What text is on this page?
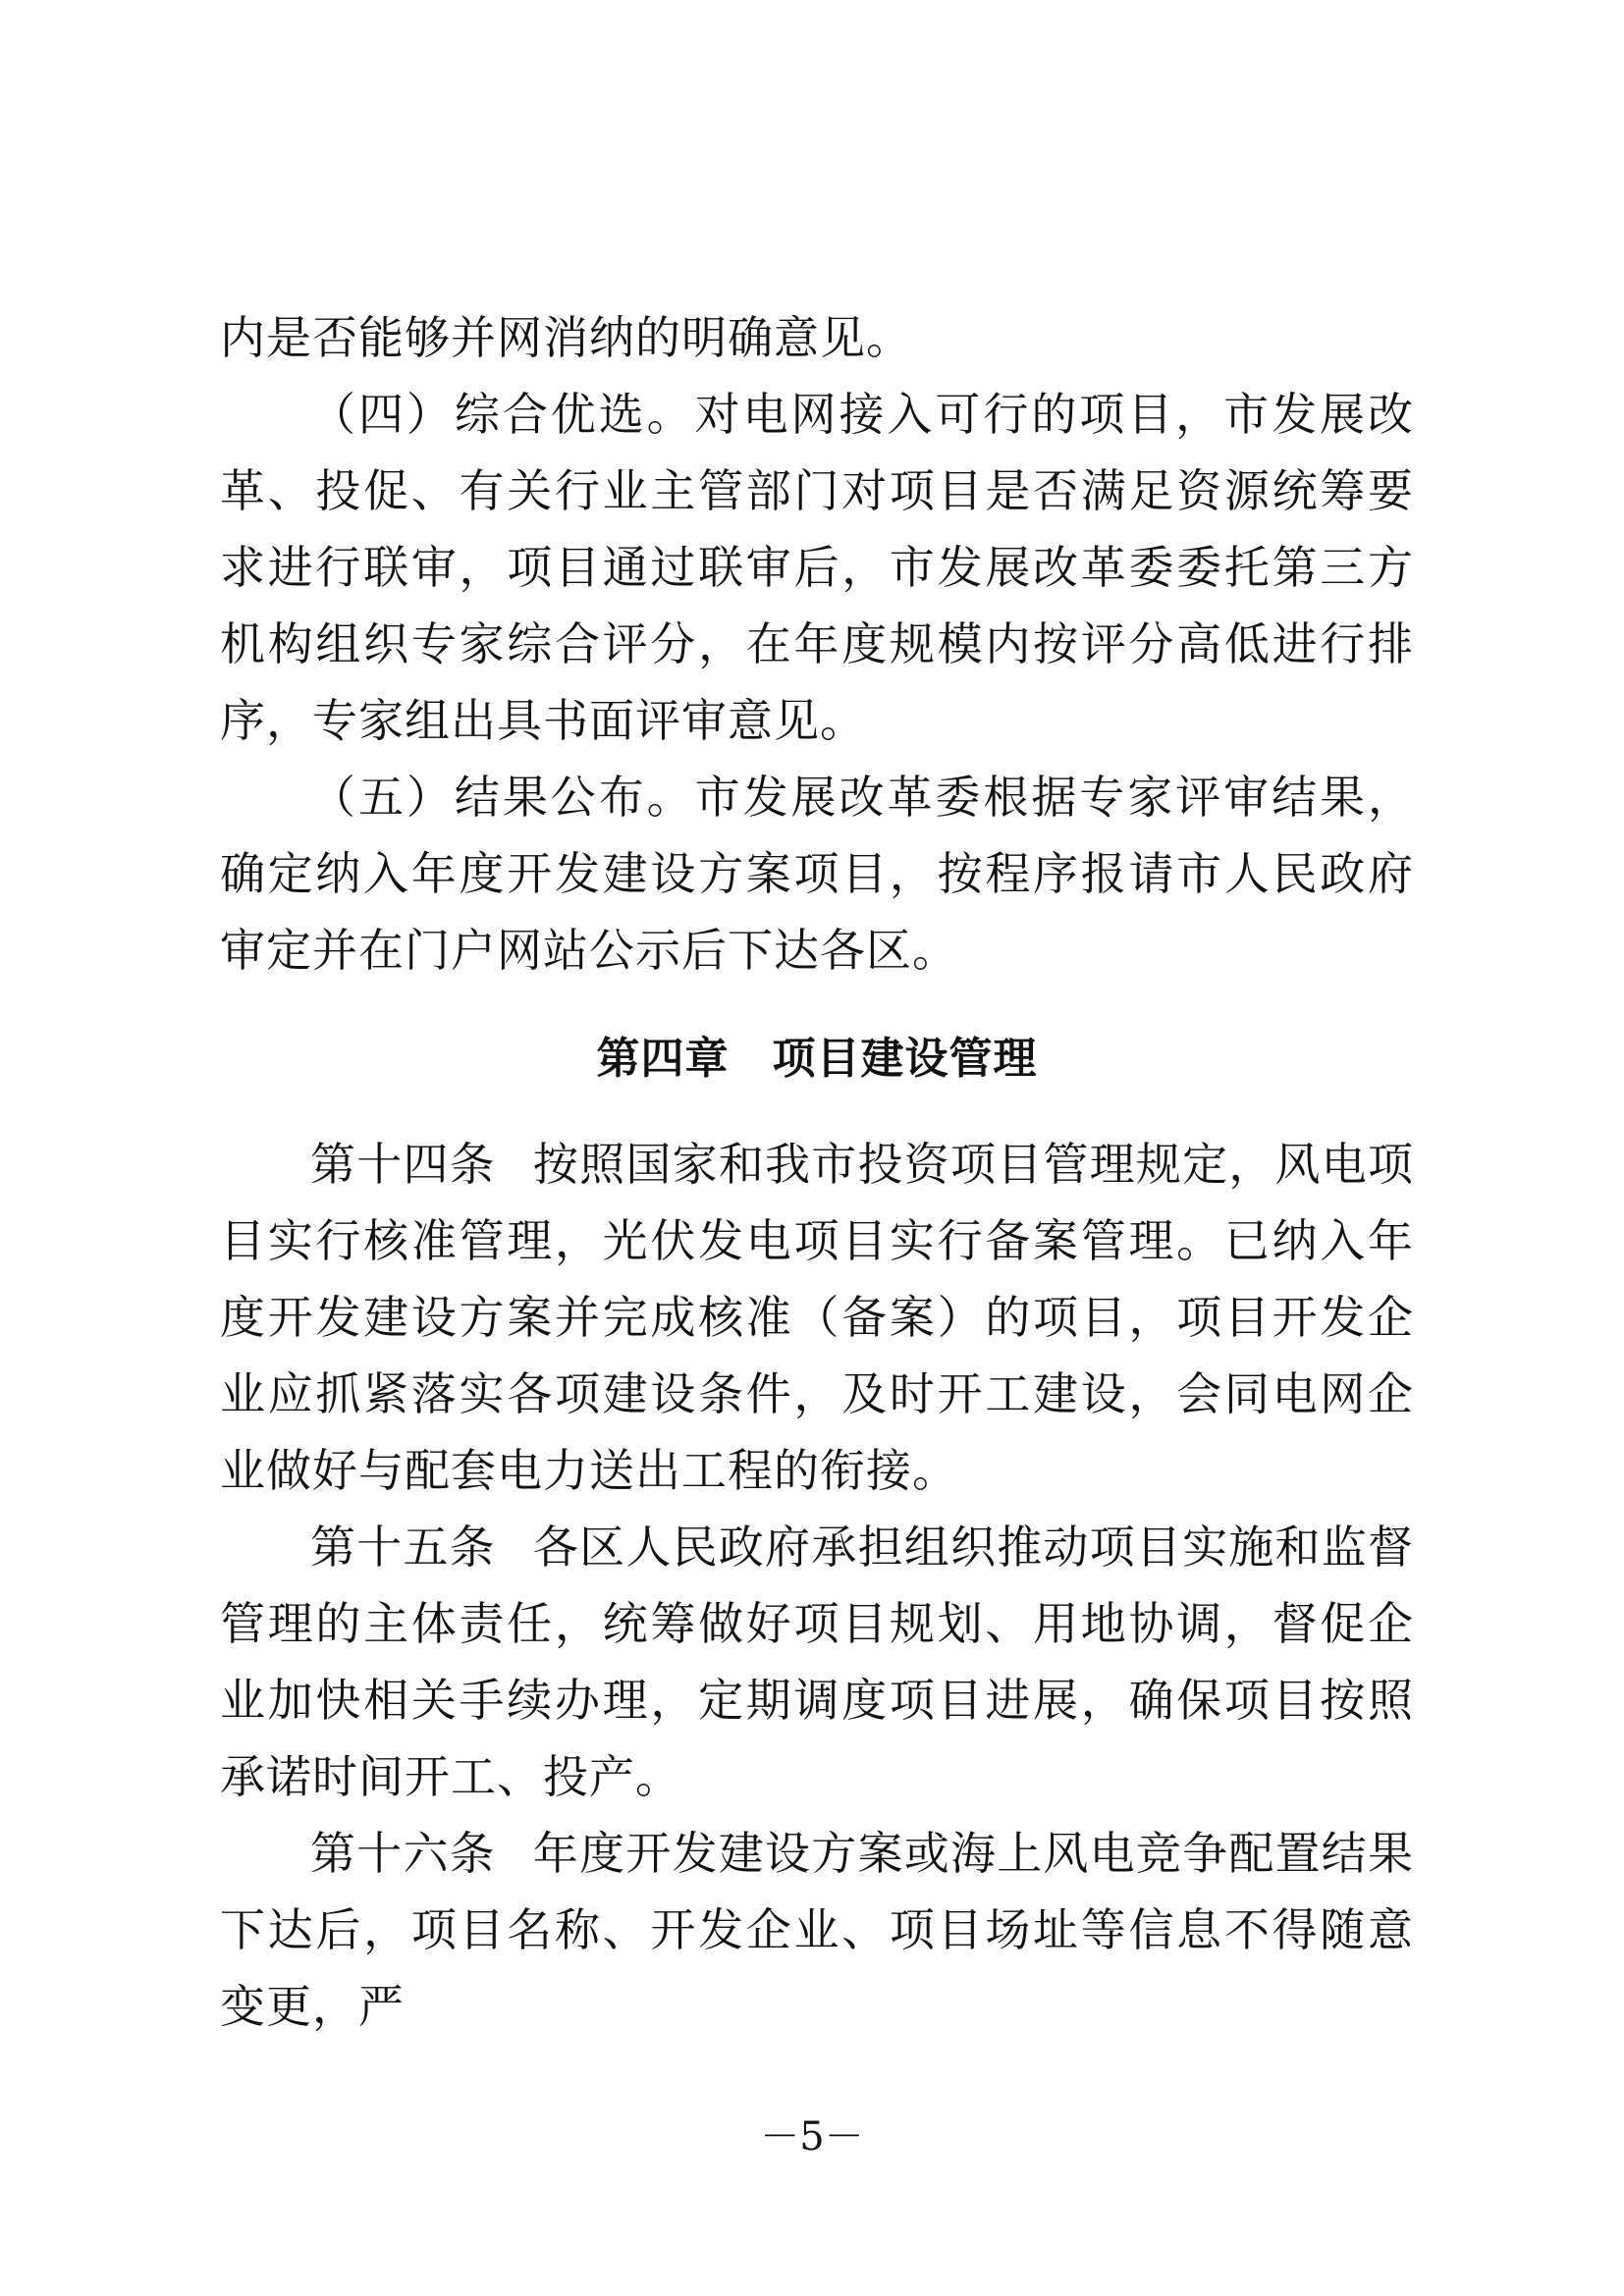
内是否能够并网消纳的明确意见。

（四）综合优选。对电网接入可行的项目，市发展改革、投促、有关行业主管部门对项目是否满足资源统筹要求进行联审，项目通过联审后，市发展改革委委托第三方机构组织专家综合评分，在年度规模内按评分高低进行排序，专家组出具书面评审意见。

（五）结果公布。市发展改革委根据专家评审结果，确定纳入年度开发建设方案项目，按程序报请市人民政府审定并在门户网站公示后下达各区。

第四章 项目建设管理

第十四条 按照国家和我市投资项目管理规定，风电项目实行核准管理，光伏发电项目实行备案管理。已纳入年度开发建设方案并完成核准（备案）的项目，项目开发企业应抓紧落实各项建设条件，及时开工建设，会同电网企业做好与配套电力送出工程的衔接。

第十五条 各区人民政府承担组织推动项目实施和监督管理的主体责任，统筹做好项目规划、用地协调，督促企业加快相关手续办理，定期调度项目进展，确保项目按照承诺时间开工、投产。

第十六条 年度开发建设方案或海上风电竞争配置结果下达后，项目名称、开发企业、项目场址等信息不得随意变更，严

－5－
